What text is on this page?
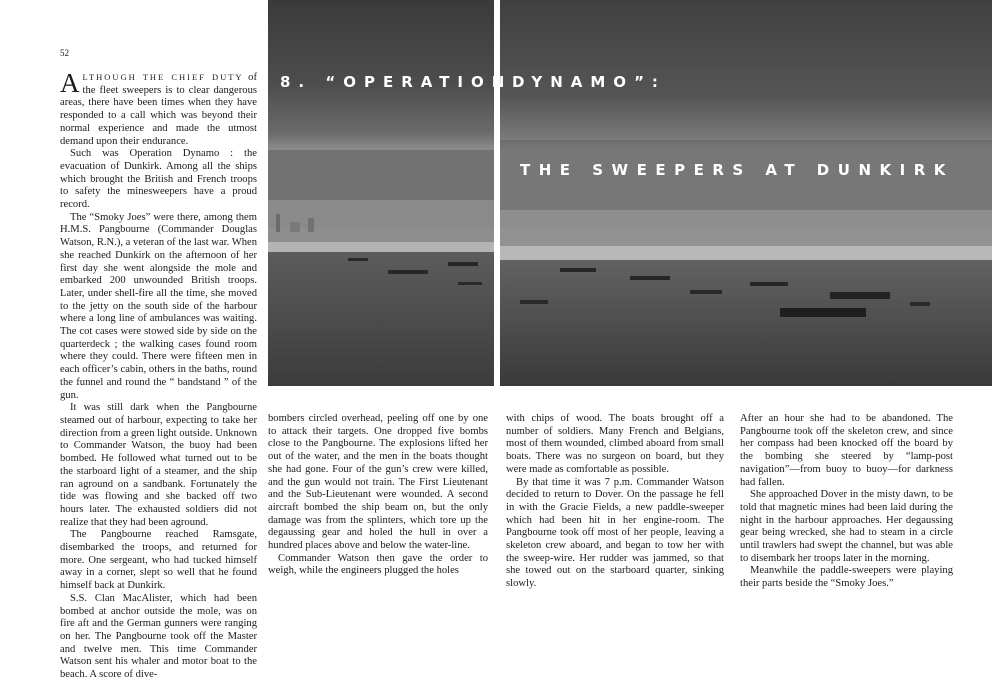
52
8. “OPERATION DYNAMO”:
THE SWEEPERS AT DUNKIRK

ALTHOUGH THE CHIEF DUTY of the fleet sweepers is to clear dangerous areas, there have been times when they have responded to a call which was beyond their normal experience and made the utmost demand upon their endurance.

Such was Operation Dynamo : the evacuation of Dunkirk. Among all the ships which brought the British and French troops to safety the minesweepers have a proud record.

The “Smoky Joes” were there, among them H.M.S. Pangbourne (Commander Douglas Watson, R.N.), a veteran of the last war. When she reached Dunkirk on the afternoon of her first day she went alongside the mole and embarked 200 unwounded British troops. Later, under shell-fire all the time, she moved to the jetty on the south side of the harbour where a long line of ambulances was waiting. The cot cases were stowed side by side on the quarterdeck ; the walking cases found room where they could. There were fifteen men in each officer’s cabin, others in the baths, round the funnel and round the “ bandstand ” of the gun.

It was still dark when the Pangbourne steamed out of harbour, expecting to take her direction from a green light outside. Unknown to Commander Watson, the buoy had been bombed. He followed what turned out to be the starboard light of a steamer, and the ship ran aground on a sandbank. Fortunately the tide was flowing and she backed off two hours later. The exhausted soldiers did not realize that they had been aground.

The Pangbourne reached Ramsgate, disembarked the troops, and returned for more. One sergeant, who had tucked himself away in a corner, slept so well that he found himself back at Dunkirk.

S.S. Clan MacAlister, which had been bombed at anchor outside the mole, was on fire aft and the German gunners were ranging on her. The Pangbourne took off the Master and twelve men. This time Commander Watson sent his whaler and motor boat to the beach. A score of dive-

bombers circled overhead, peeling off one by one to attack their targets. One dropped five bombs close to the Pangbourne. The explosions lifted her out of the water, and the men in the boats thought she had gone. Four of the gun’s crew were killed, and the gun would not train. The First Lieutenant and the Sub-Lieutenant were wounded. A second aircraft bombed the ship beam on, but the only damage was from the splinters, which tore up the degaussing gear and holed the hull in over a hundred places above and below the water-line.

Commander Watson then gave the order to weigh, while the engineers plugged the holes

with chips of wood. The boats brought off a number of soldiers. Many French and Belgians, most of them wounded, climbed aboard from small boats. There was no surgeon on board, but they were made as comfortable as possible.

By that time it was 7 p.m. Commander Watson decided to return to Dover. On the passage he fell in with the Gracie Fields, a new paddle-sweeper which had been hit in her engine-room. The Pangbourne took off most of her people, leaving a skeleton crew aboard, and began to tow her with the sweep-wire. Her rudder was jammed, so that she towed out on the starboard quarter, sinking slowly.

After an hour she had to be abandoned. The Pangbourne took off the skeleton crew, and since her compass had been knocked off the board by the bombing she steered by “lamp-post navigation”—from buoy to buoy—for darkness had fallen.

She approached Dover in the misty dawn, to be told that magnetic mines had been laid during the night in the harbour approaches. Her degaussing gear being wrecked, she had to steam in a circle until trawlers had swept the channel, but was able to disembark her troops later in the morning.

Meanwhile the paddle-sweepers were playing their parts beside the “Smoky Joes.”
